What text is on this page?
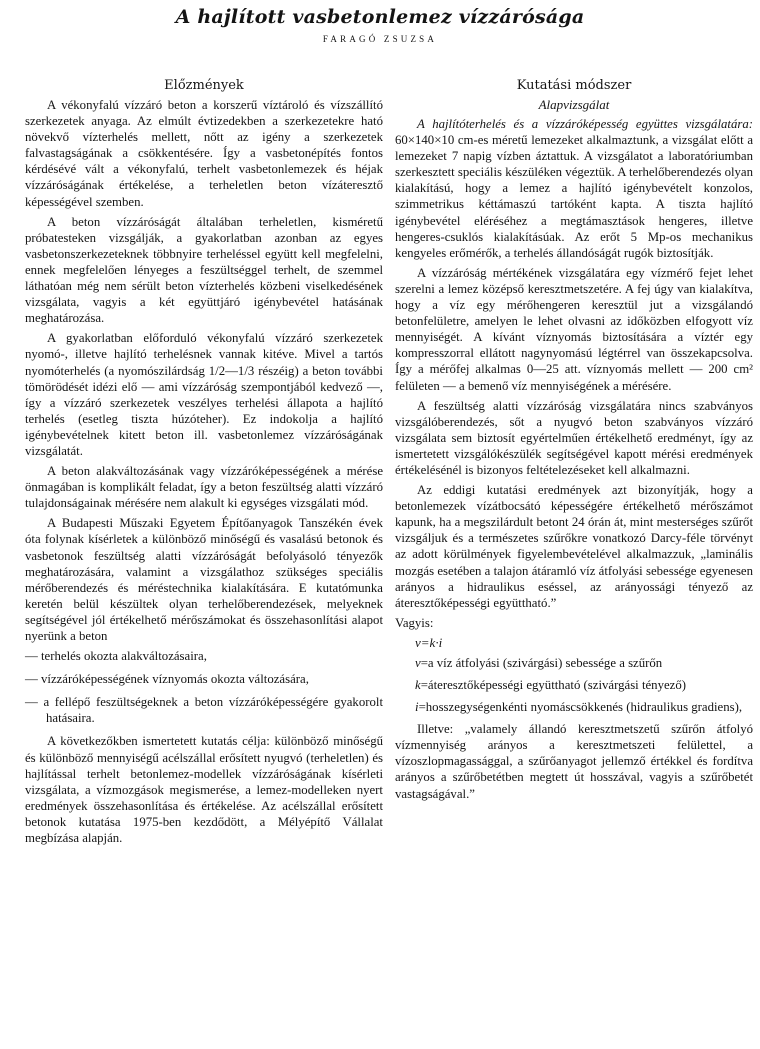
A hajlított vasbetonlemez vízzárósága
FARAGÓ ZSUZSA
Előzmények

A vékonyfalú vízzáró beton a korszerű víztároló és vízszállító szerkezetek anyaga. Az elmúlt évtizedekben a szerkezetekre ható növekvő vízterhelés mellett, nőtt az igény a szerkezetek falvastagságának a csökkentésére. Így a vasbetonépítés fontos kérdésévé vált a vékonyfalú, terhelt vasbetonlemezek és héjak vízzáróságának értékelése, a terheletlen beton vízáteresztő képességével szemben.

A beton vízzáróságát általában terheletlen, kisméretű próbatesteken vizsgálják, a gyakorlatban azonban az egyes vasbetonszerkezeteknek többnyire terheléssel együtt kell megfelelni, ennek megfelelően lényeges a feszültséggel terhelt, de szemmel láthatóan még nem sérült beton vízterhelés közbeni viselkedésének vizsgálata, vagyis a két együttjáró igénybevétel hatásának meghatározása.

A gyakorlatban előforduló vékonyfalú vízzáró szerkezetek nyomó-, illetve hajlító terhelésnek vannak kitéve. Mivel a tartós nyomóterhelés (a nyomószilárdság 1/2—1/3 részéig) a beton további tömörödését idézi elő — ami vízzáróság szempontjából kedvező —, így a vízzáró szerkezetek veszélyes terhelési állapota a hajlító terhelés (esetleg tiszta húzóteher). Ez indokolja a hajlító igénybevételnek kitett beton ill. vasbetonlemez vízzáróságának vizsgálatát.

A beton alakváltozásának vagy vízzáróképességének a mérése önmagában is komplikált feladat, így a beton feszültség alatti vízzáró tulajdonságainak mérésére nem alakult ki egységes vizsgálati mód.

A Budapesti Műszaki Egyetem Építőanyagok Tanszékén évek óta folynak kísérletek a különböző minőségű és vasalású betonok és vasbetonok feszültség alatti vízzáróságát befolyásoló tényezők meghatározására, valamint a vizsgálathoz szükséges speciális mérőberendezés és méréstechnika kialakítására. E kutatómunka keretén belül készültek olyan terhelőberendezések, melyeknek segítségével jól értékelhető mérőszámokat és összehasonlítási alapot nyerünk a beton

— terhelés okozta alakváltozásaira,
— vízzáróképességének víznyomás okozta változására,
— a fellépő feszültségeknek a beton vízzáróképességére gyakorolt hatásaira.

A következőkben ismertetett kutatás célja: különböző minőségű és különböző mennyiségű acélszállal erősített nyugvó (terheletlen) és hajlítással terhelt betonlemez-modellek vízzáróságának kísérleti vizsgálata, a vízmozgások megismerése, a lemez-modelleken nyert eredmények összehasonlítása és értékelése. Az acélszállal erősített betonok kutatása 1975-ben kezdődött, a Mélyépítő Vállalat megbízása alapján.

Kutatási módszer
Alapvizsgálat

A hajlítóterhelés és a vízzáróképesség együttes vizsgálatára: 60×140×10 cm-es méretű lemezeket alkalmaztunk, a vizsgálat előtt a lemezeket 7 napig vízben áztattuk. A vizsgálatot a laboratóriumban szerkesztett speciális készüléken végeztük. A terhelőberendezés olyan kialakítású, hogy a lemez a hajlító igénybevételt konzolos, szimmetrikus kéttámaszú tartóként kapta. A tiszta hajlító igénybevétel eléréséhez a megtámasztások hengeres, illetve hengeres-csuklós kialakításúak. Az erőt 5 Mp-os mechanikus kengyeles erőmérők, a terhelés állandóságát rugók biztosítják.

A vízzáróság mértékének vizsgálatára egy vízmérő fejet lehet szerelni a lemez középső keresztmetszetére. A fej úgy van kialakítva, hogy a víz egy mérőhengeren keresztül jut a vizsgálandó betonfelületre, amelyen le lehet olvasni az időközben elfogyott víz mennyiségét. A kívánt víznyomás biztosítására a víztér egy kompresszorral ellátott nagynyomású légtérrel van összekapcsolva. Így a mérőfej alkalmas 0—25 att. víznyomás mellett — 200 cm² felületen — a bemenő víz mennyiségének a mérésére.

A feszültség alatti vízzáróság vizsgálatára nincs szabványos vizsgálóberendezés, sőt a nyugvó beton szabványos vízzáró vizsgálata sem biztosít egyértelműen értékelhető eredményt, így az ismertetett vizsgálókészülék segítségével kapott mérési eredmények értékelésénél is bizonyos feltételezéseket kell alkalmazni.

Az eddigi kutatási eredmények azt bizonyítják, hogy a betonlemezek vízátbocsátó képességére értékelhető mérőszámot kapunk, ha a megszilárdult betont 24 órán át, mint mesterséges szűrőt vizsgáljuk és a természetes szűrőkre vonatkozó Darcy-féle törvényt az adott körülmények figyelembevételével alkalmazzuk, „laminális mozgás esetében a talajon átáramló víz átfolyási sebessége egyenesen arányos a hidraulikus eséssel, az arányossági tényező az áteresztőképességi együttható.”

Vagyis:

v=k·i
v=a víz átfolyási (szivárgási) sebessége a szűrőn
k=áteresztőképességi együttható (szivárgási tényező)
i=hosszegységenkénti nyomáscsökkenés (hidraulikus gradiens),

Illetve: „valamely állandó keresztmetszetű szűrőn átfolyó vízmennyiség arányos a keresztmetszeti felülettel, a vízoszlopmagassággal, a szűrőanyagot jellemző értékkel és fordítva arányos a szűrőbetétben megtett út hosszával, vagyis a szűrőbetét vastagságával.”
